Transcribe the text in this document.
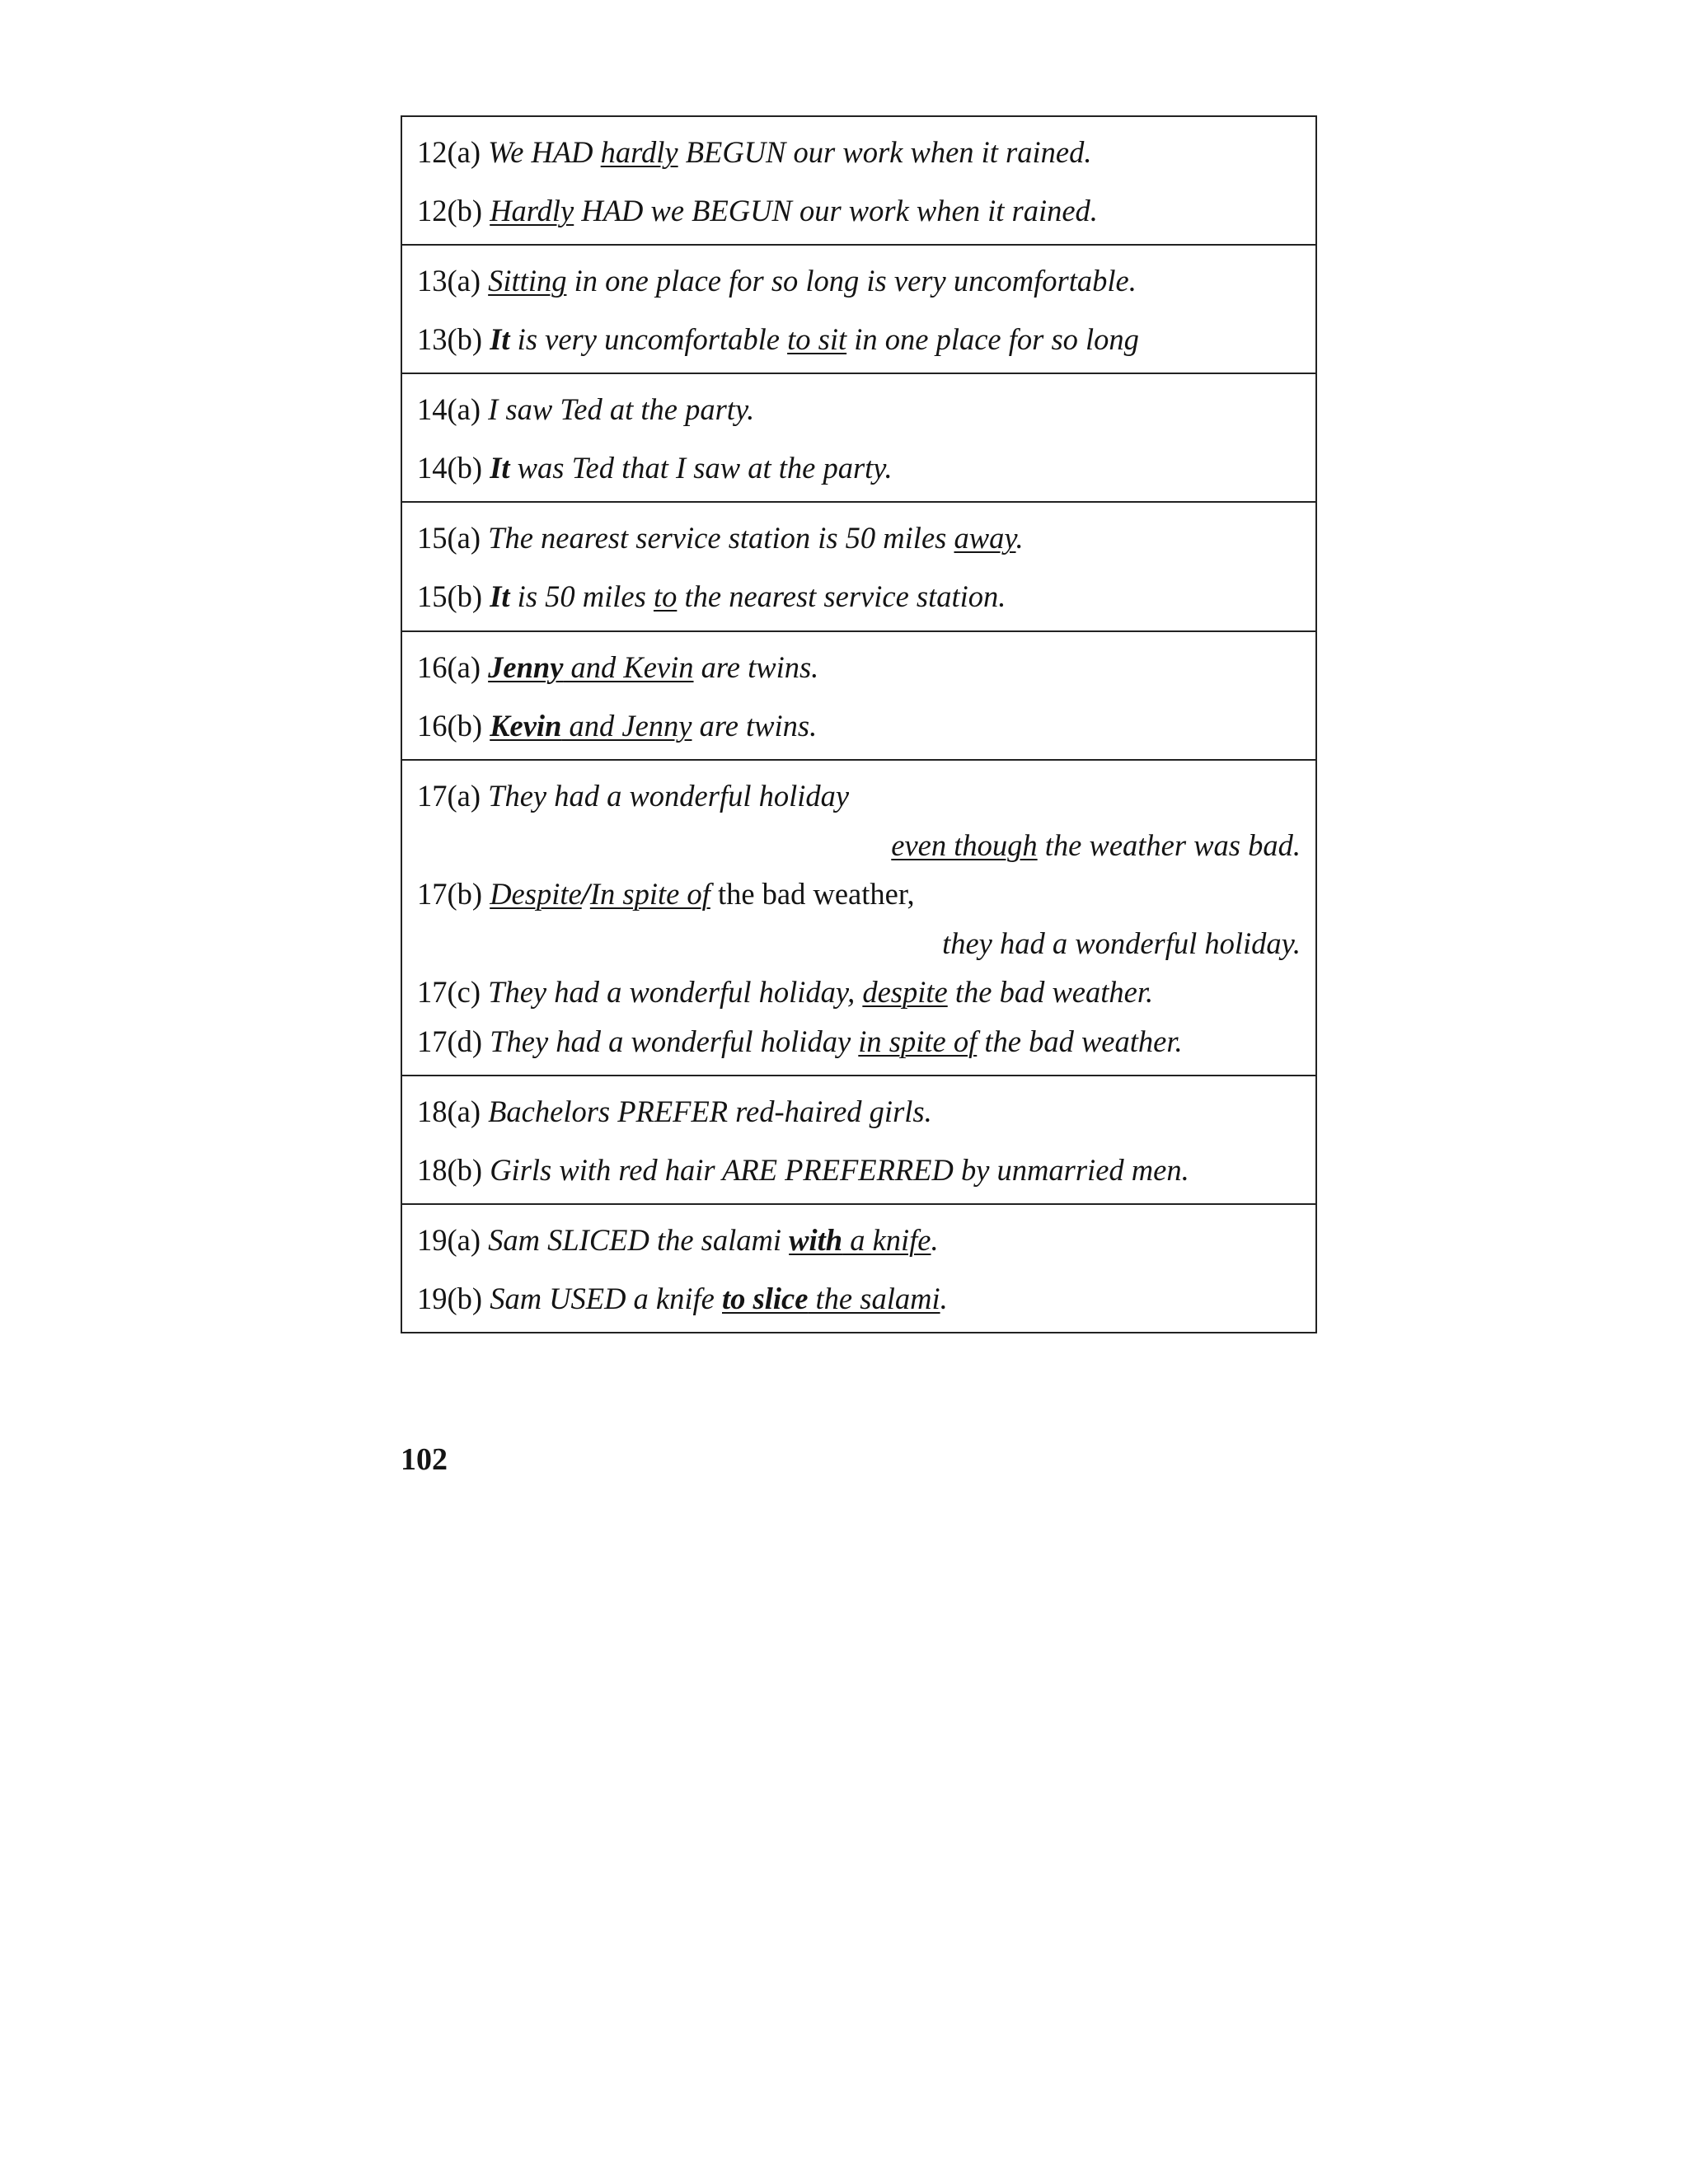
12(a) We HAD hardly BEGUN our work when it rained.
12(b) Hardly HAD we BEGUN our work when it rained.
13(a) Sitting in one place for so long is very uncomfortable.
13(b) It is very uncomfortable to sit in one place for so long
14(a) I saw Ted at the party.
14(b) It was Ted that I saw at the party.
15(a) The nearest service station is 50 miles away.
15(b) It is 50 miles to the nearest service station.
16(a) Jenny and Kevin are twins.
16(b) Kevin and Jenny are twins.
17(a) They had a wonderful holiday
even though the weather was bad.
17(b) Despite/In spite of the bad weather,
they had a wonderful holiday.
17(c) They had a wonderful holiday, despite the bad weather.
17(d) They had a wonderful holiday in spite of the bad weather.
18(a) Bachelors PREFER red-haired girls.
18(b) Girls with red hair ARE PREFERRED by unmarried men.
19(a) Sam SLICED the salami with a knife.
19(b) Sam USED a knife to slice the salami.
102
